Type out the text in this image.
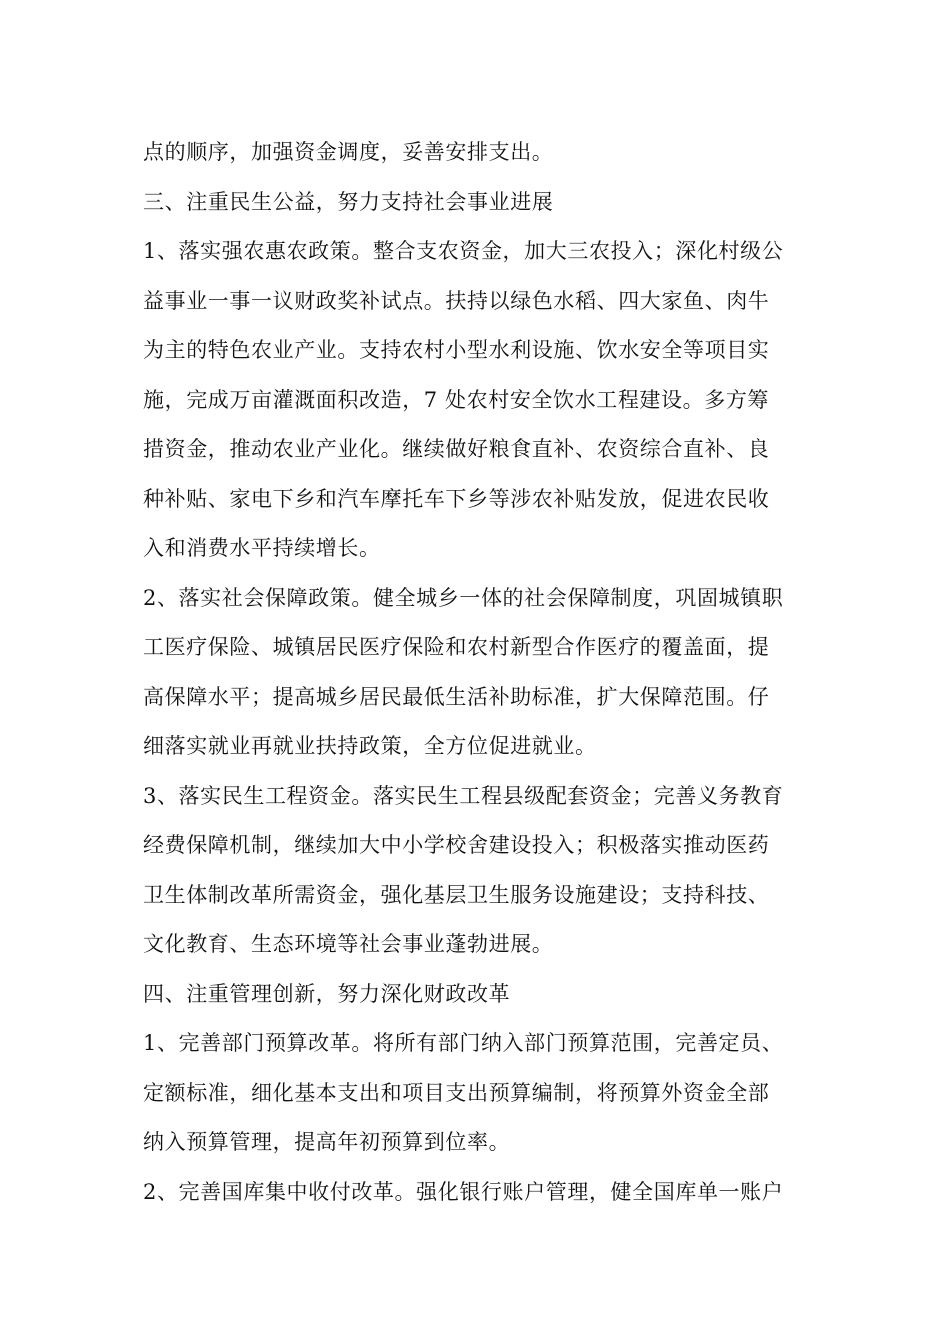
点的顺序，加强资金调度，妥善安排支出。
三、注重民生公益，努力支持社会事业进展
1、落实强农惠农政策。整合支农资金，加大三农投入；深化村级公
益事业一事一议财政奖补试点。扶持以绿色水稻、四大家鱼、肉牛
为主的特色农业产业。支持农村小型水利设施、饮水安全等项目实
施，完成万亩灌溉面积改造，7 处农村安全饮水工程建设。多方筹
措资金，推动农业产业化。继续做好粮食直补、农资综合直补、良
种补贴、家电下乡和汽车摩托车下乡等涉农补贴发放，促进农民收
入和消费水平持续增长。
2、落实社会保障政策。健全城乡一体的社会保障制度，巩固城镇职
工医疗保险、城镇居民医疗保险和农村新型合作医疗的覆盖面，提
高保障水平；提高城乡居民最低生活补助标准，扩大保障范围。仔
细落实就业再就业扶持政策，全方位促进就业。
3、落实民生工程资金。落实民生工程县级配套资金；完善义务教育
经费保障机制，继续加大中小学校舍建设投入；积极落实推动医药
卫生体制改革所需资金，强化基层卫生服务设施建设；支持科技、
文化教育、生态环境等社会事业蓬勃进展。
四、注重管理创新，努力深化财政改革
1、完善部门预算改革。将所有部门纳入部门预算范围，完善定员、
定额标准，细化基本支出和项目支出预算编制，将预算外资金全部
纳入预算管理，提高年初预算到位率。
2、完善国库集中收付改革。强化银行账户管理，健全国库单一账户
